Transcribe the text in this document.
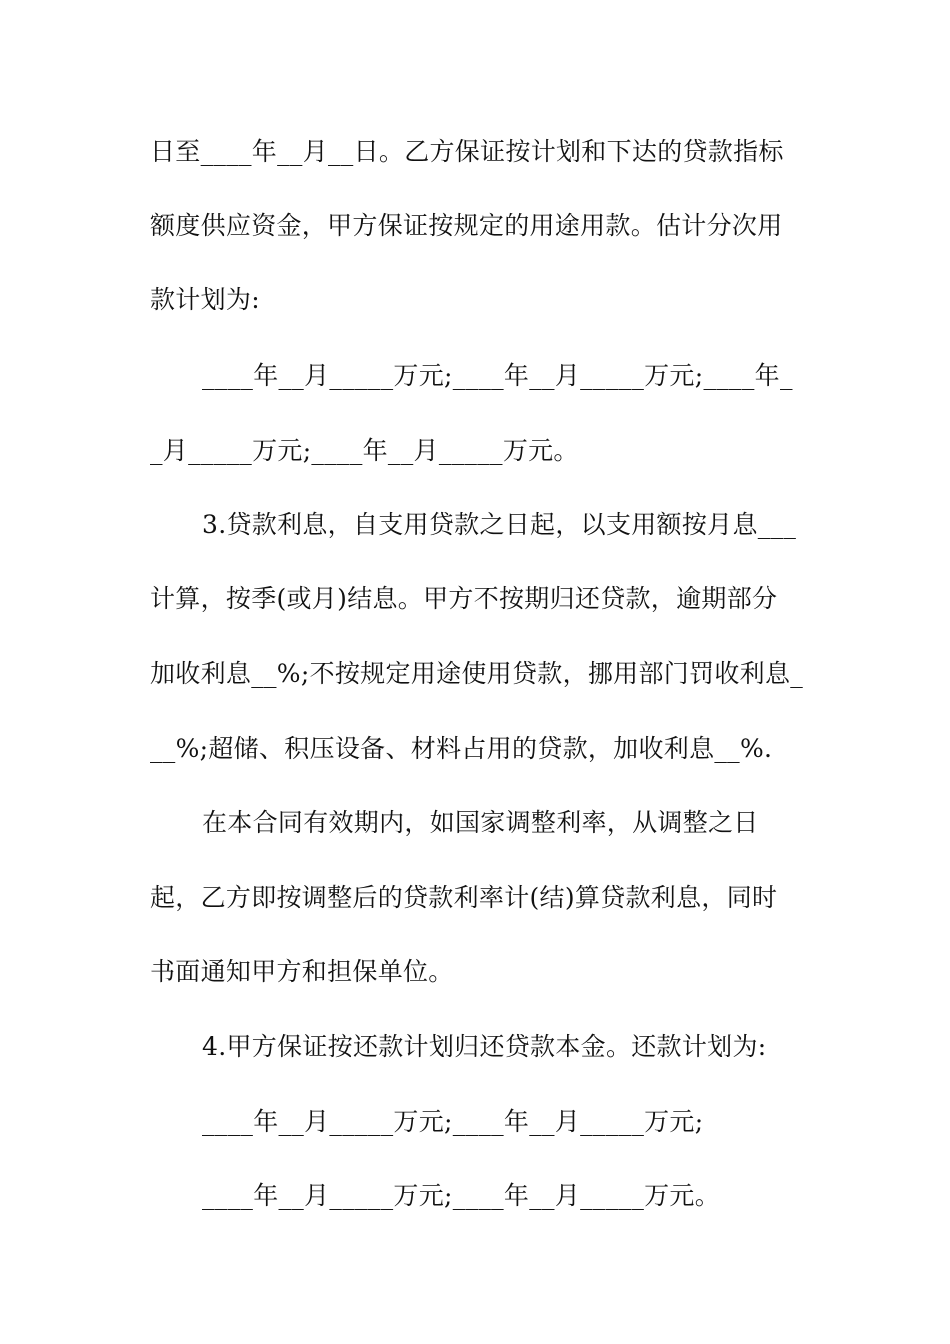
日至____年__月__日。乙方保证按计划和下达的贷款指标
额度供应资金，甲方保证按规定的用途用款。估计分次用
款计划为:
____年__月_____万元;____年__月_____万元;____年_
_月_____万元;____年__月_____万元。
3.贷款利息，自支用贷款之日起，以支用额按月息___
计算，按季(或月)结息。甲方不按期归还贷款，逾期部分
加收利息__%;不按规定用途使用贷款，挪用部门罚收利息_
__%;超储、积压设备、材料占用的贷款，加收利息__%.
在本合同有效期内，如国家调整利率，从调整之日
起，乙方即按调整后的贷款利率计(结)算贷款利息，同时
书面通知甲方和担保单位。
4.甲方保证按还款计划归还贷款本金。还款计划为:
____年__月_____万元;____年__月_____万元;
____年__月_____万元;____年__月_____万元。
